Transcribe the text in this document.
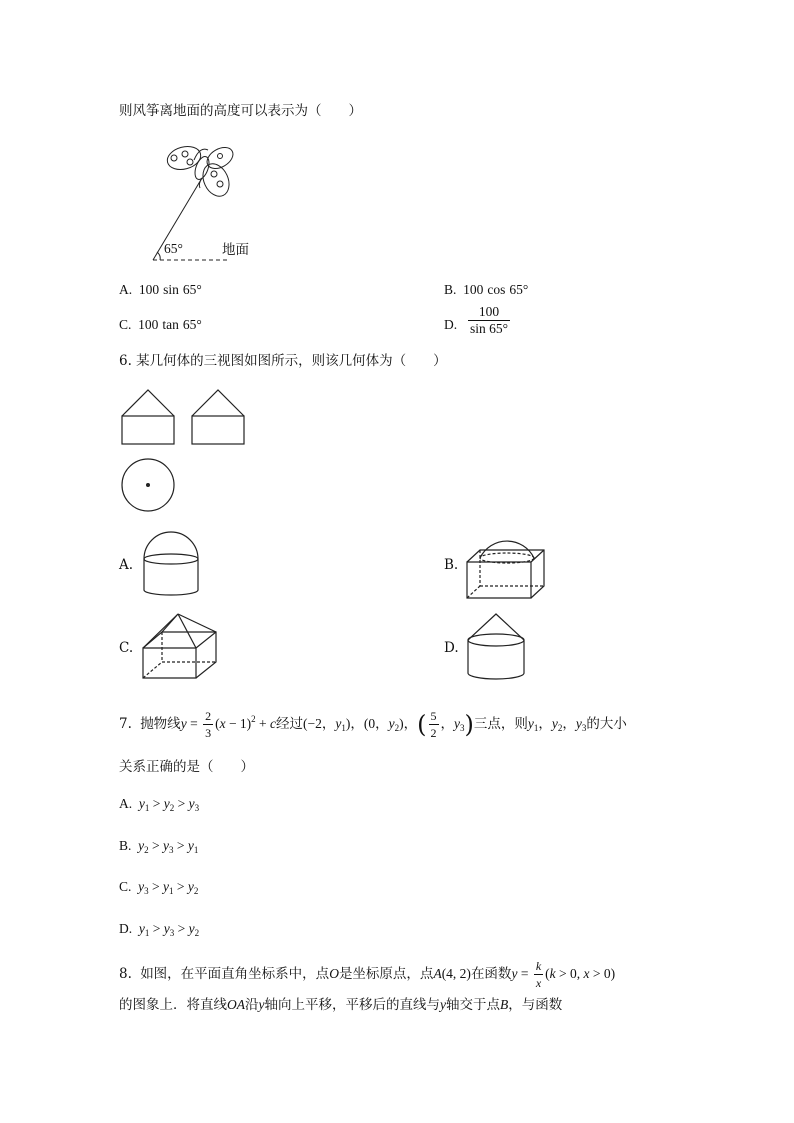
则风筝离地面的高度可以表示为（　　）
65°	地面
A. 100 sin 65°	B. 100 cos 65°
C. 100 tan 65°	D. $\frac{100}{\sin 65^\circ}$
6. 某几何体的三视图如图所示，则该几何体为（　　）
A.	B.
C.	D.
7. 抛物线$y = \frac{2}{3} (x - 1)^2 + c$经过(−2，$y_1$)，(0，$y_2$)，( $\frac{5}{2}$ ，$y_3$)三点，则$y_1$，$y_2$，$y_3$的大小
关系正确的是（　　）
A. $y_1 > y_2 > y_3$
B. $y_2 > y_3 > y_1$
C. $y_3 > y_1 > y_2$
D. $y_1 > y_3 > y_2$
8. 如图，在平面直角坐标系中，点O是坐标原点，点A(4, 2)在函数$y = \frac{k}{x} (k > 0$, x > 0)
的图象上．将直线OA沿y轴向上平移，平移后的直线与y轴交于点B，与函数
